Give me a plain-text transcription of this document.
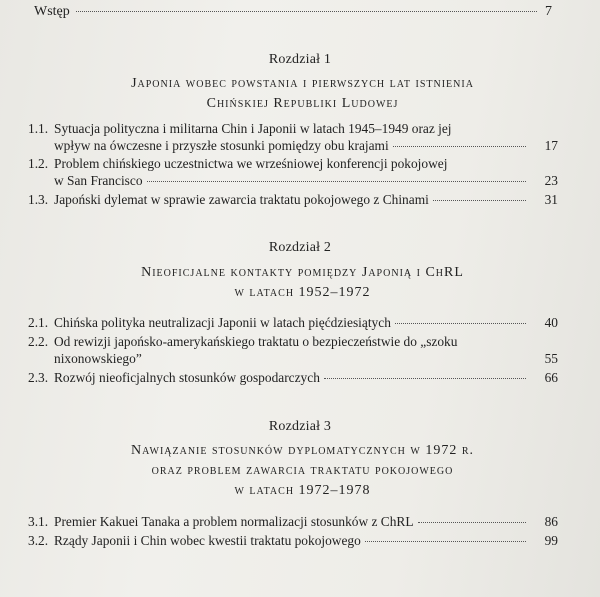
Wstęp	7
Rozdział 1
Japonia wobec powstania i pierwszych lat istnienia
Chińskiej Republiki Ludowej
1.1. Sytuacja polityczna i militarna Chin i Japonii w latach 1945–1949 oraz jej
wpływ na ówczesne i przyszłe stosunki pomiędzy obu krajami	17
1.2. Problem chińskiego uczestnictwa we wrześniowej konferencji pokojowej
w San Francisco	23
1.3. Japoński dylemat w sprawie zawarcia traktatu pokojowego z Chinami	31
Rozdział 2
Nieoficjalne kontakty pomiędzy Japonią i ChRL
w latach 1952–1972
2.1. Chińska polityka neutralizacji Japonii w latach pięćdziesiątych	40
2.2. Od rewizji japońsko-amerykańskiego traktatu o bezpieczeństwie do „szoku
nixonowskiego”	55
2.3. Rozwój nieoficjalnych stosunków gospodarczych	66
Rozdział 3
Nawiązanie stosunków dyplomatycznych w 1972 r.
oraz problem zawarcia traktatu pokojowego
w latach 1972–1978
3.1. Premier Kakuei Tanaka a problem normalizacji stosunków z ChRL	86
3.2. Rządy Japonii i Chin wobec kwestii traktatu pokojowego	99
